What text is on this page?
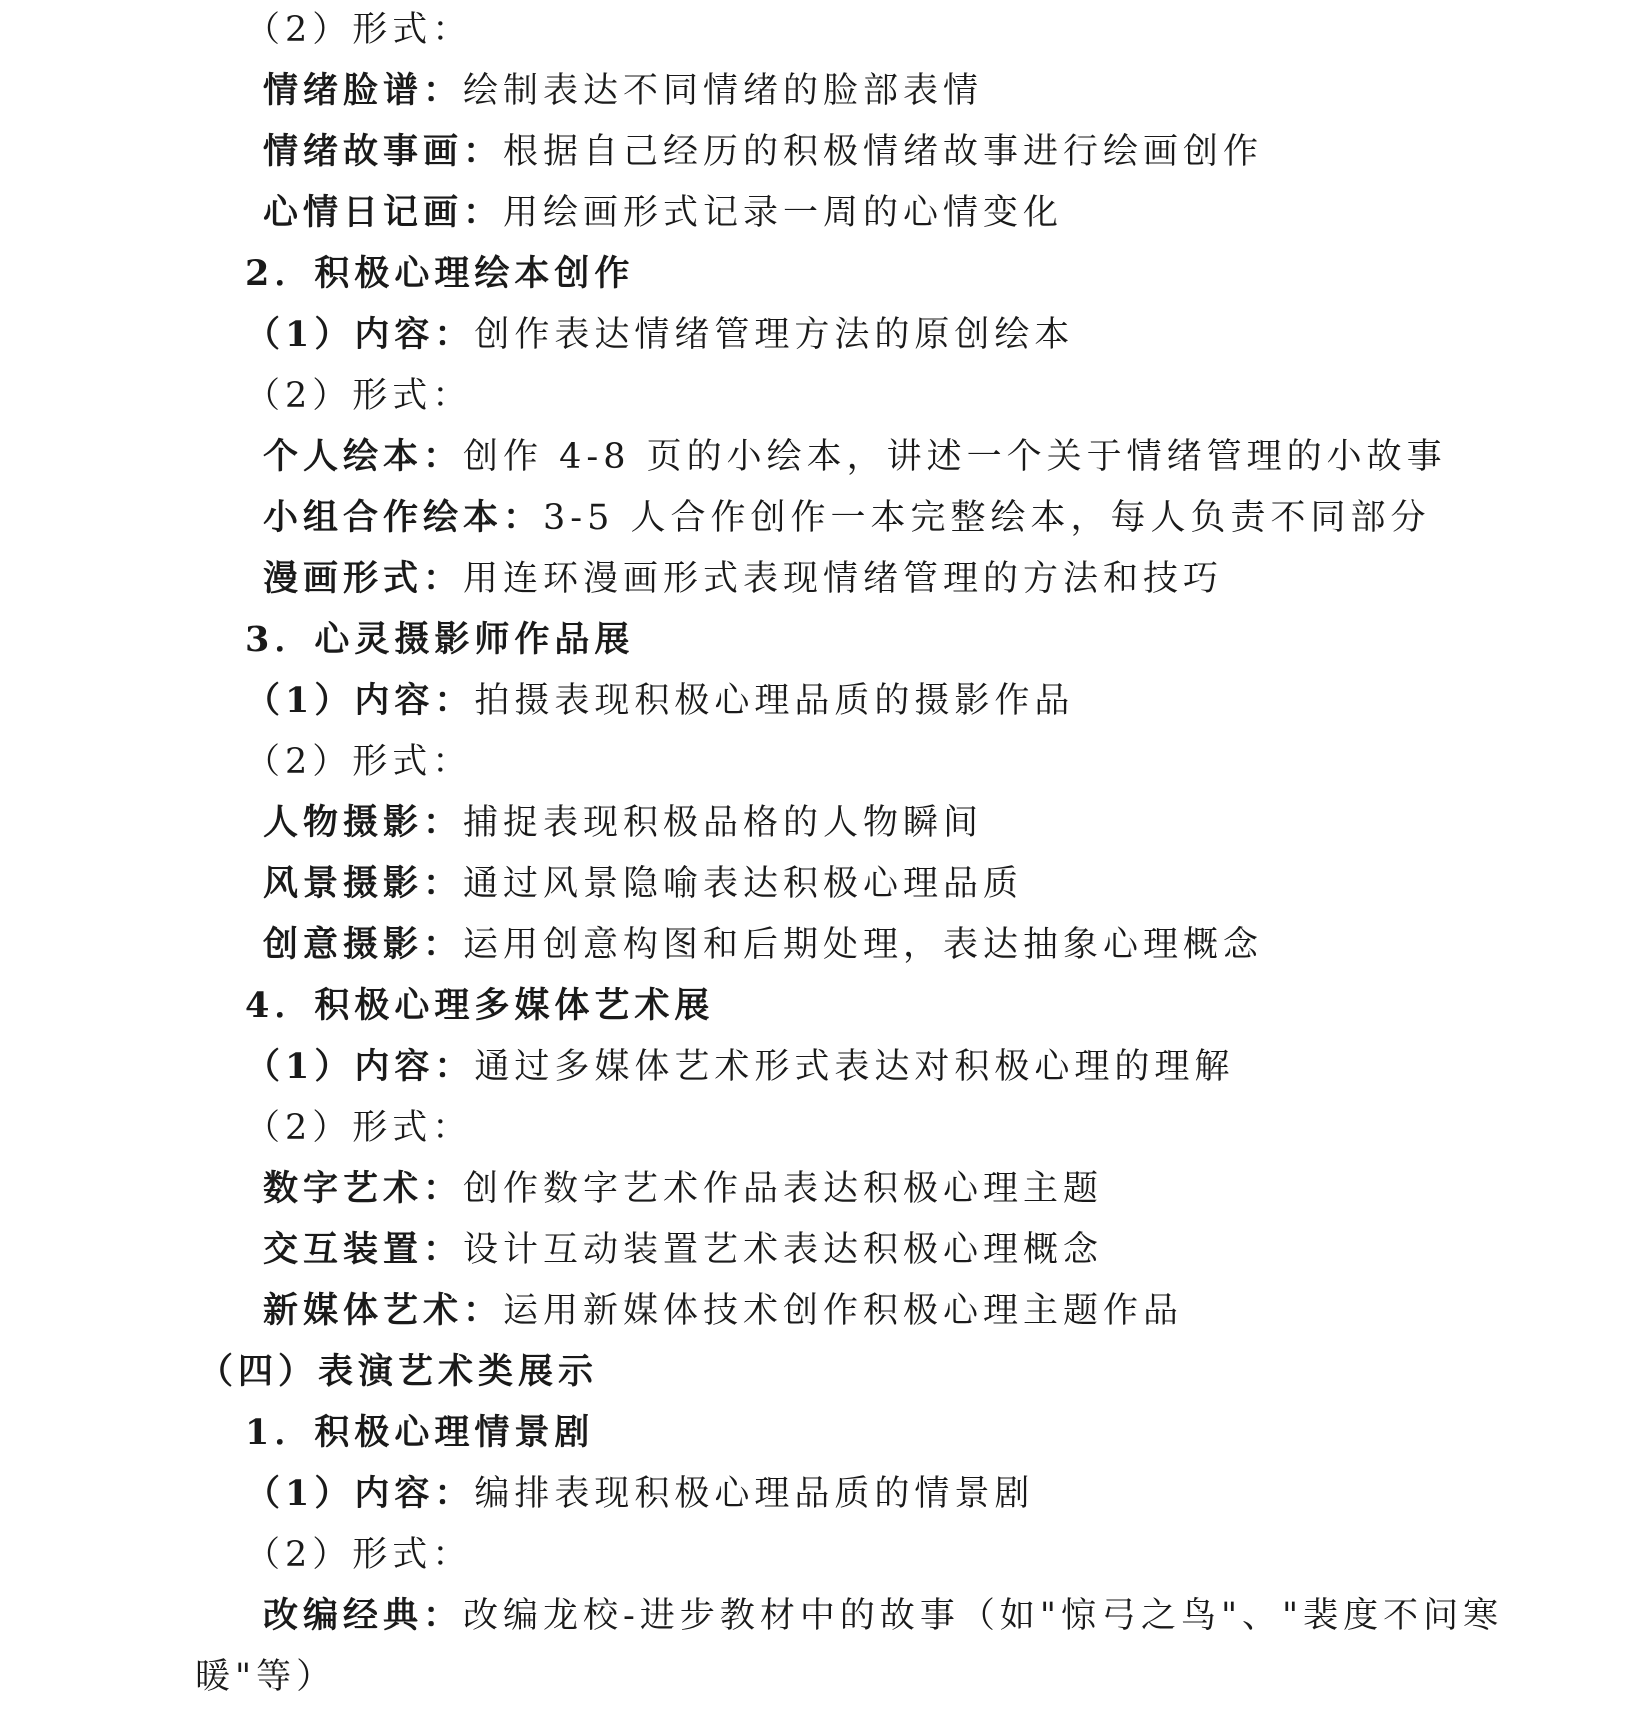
（2）形式：
情绪脸谱：绘制表达不同情绪的脸部表情
情绪故事画：根据自己经历的积极情绪故事进行绘画创作
心情日记画：用绘画形式记录一周的心情变化
2．积极心理绘本创作
（1）内容：创作表达情绪管理方法的原创绘本
（2）形式：
个人绘本：创作 4-8 页的小绘本，讲述一个关于情绪管理的小故事
小组合作绘本：3-5 人合作创作一本完整绘本，每人负责不同部分
漫画形式：用连环漫画形式表现情绪管理的方法和技巧
3．心灵摄影师作品展
（1）内容：拍摄表现积极心理品质的摄影作品
（2）形式：
人物摄影：捕捉表现积极品格的人物瞬间
风景摄影：通过风景隐喻表达积极心理品质
创意摄影：运用创意构图和后期处理，表达抽象心理概念
4．积极心理多媒体艺术展
（1）内容：通过多媒体艺术形式表达对积极心理的理解
（2）形式：
数字艺术：创作数字艺术作品表达积极心理主题
交互装置：设计互动装置艺术表达积极心理概念
新媒体艺术：运用新媒体技术创作积极心理主题作品
（四）表演艺术类展示
1．积极心理情景剧
（1）内容：编排表现积极心理品质的情景剧
（2）形式：
改编经典：改编龙校-进步教材中的故事（如"惊弓之鸟"、"裴度不问寒
暖"等）
